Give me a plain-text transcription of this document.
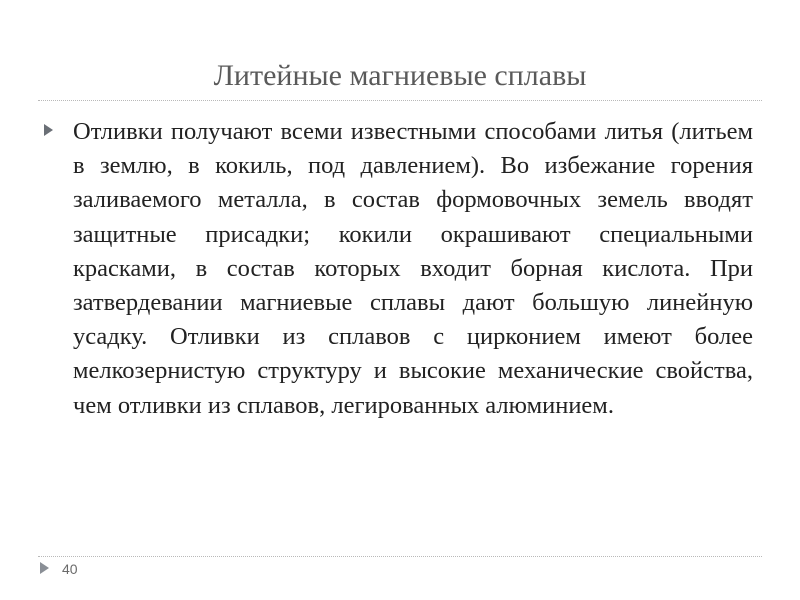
Литейные магниевые сплавы
Отливки получают всеми известными способами литья (литьем в землю, в кокиль, под давлением). Во избежание горения заливаемого металла, в состав формовочных земель вводят защитные присадки; кокили окрашивают специальными красками, в состав которых входит борная кислота. При затвердевании магниевые сплавы дают большую линейную усадку. Отливки из сплавов с цирконием имеют более мелкозернистую структуру и высокие механические свойства, чем отливки из сплавов, легированных алюминием.
40
